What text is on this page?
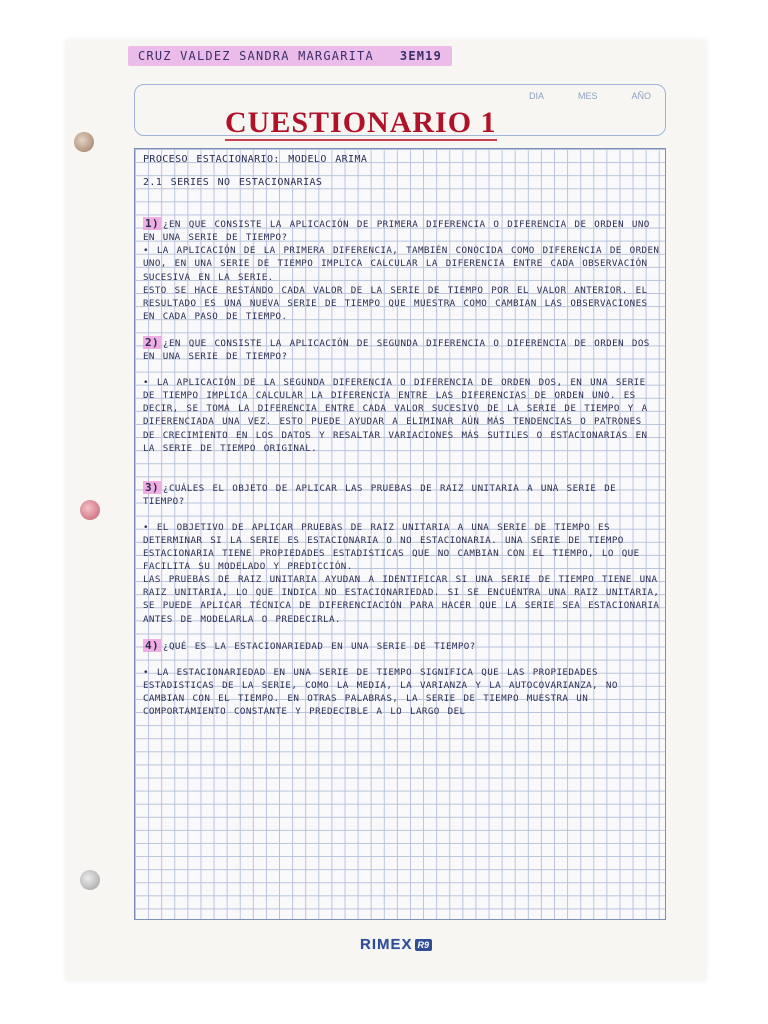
CRUZ VALDEZ SANDRA MARGARITA 3EM19
DIA	MES	AÑO
CUESTIONARIO 1

PROCESO ESTACIONARIO: MODELO ARIMA

2.1 SERIES NO ESTACIONARIAS

1) ¿EN QUE CONSISTE LA APLICACIÓN DE PRIMERA DIFERENCIA O DIFERENCIA DE ORDEN UNO EN UNA SERIE DE TIEMPO?

• LA APLICACIÓN DE LA PRIMERA DIFERENCIA, TAMBIÉN CONOCIDA COMO DIFERENCIA DE ORDEN UNO, EN UNA SERIE DE TIEMPO IMPLICA CALCULAR LA DIFERENCIA ENTRE CADA OBSERVACIÓN SUCESIVA EN LA SERIE.

ESTO SE HACE RESTANDO CADA VALOR DE LA SERIE DE TIEMPO POR EL VALOR ANTERIOR. EL RESULTADO ES UNA NUEVA SERIE DE TIEMPO QUE MUESTRA COMO CAMBIAN LAS OBSERVACIONES EN CADA PASO DE TIEMPO.

2) ¿EN QUE CONSISTE LA APLICACIÓN DE SEGUNDA DIFERENCIA O DIFERENCIA DE ORDEN DOS EN UNA SERIE DE TIEMPO?

• LA APLICACIÓN DE LA SEGUNDA DIFERENCIA O DIFERENCIA DE ORDEN DOS, EN UNA SERIE DE TIEMPO IMPLICA CALCULAR LA DIFERENCIA ENTRE LAS DIFERENCIAS DE ORDEN UNO. ES DECIR, SE TOMA LA DIFERENCIA ENTRE CADA VALOR SUCESIVO DE LA SERIE DE TIEMPO Y A DIFERENCIADA UNA VEZ. ESTO PUEDE AYUDAR A ELIMINAR AÚN MÁS TENDENCIAS O PATRONES DE CRECIMIENTO EN LOS DATOS Y RESALTAR VARIACIONES MÁS SUTILES O ESTACIONARIAS EN LA SERIE DE TIEMPO ORIGINAL.

3) ¿CUÁLES EL OBJETO DE APLICAR LAS PRUEBAS DE RAIZ UNITARIA A UNA SERIE DE TIEMPO?

• EL OBJETIVO DE APLICAR PRUEBAS DE RAIZ UNITARIA A UNA SERIE DE TIEMPO ES DETERMINAR SI LA SERIE ES ESTACIONARIA O NO ESTACIONARIA. UNA SERIE DE TIEMPO ESTACIONARIA TIENE PROPIEDADES ESTADISTICAS QUE NO CAMBIAN CON EL TIEMPO, LO QUE FACILITA SU MODELADO Y PREDICCIÓN.

LAS PRUEBAS DE RAIZ UNITARIA AYUDAN A IDENTIFICAR SI UNA SERIE DE TIEMPO TIENE UNA RAIZ UNITARIA, LO QUE INDICA NO ESTACIONARIEDAD. SI SE ENCUENTRA UNA RAIZ UNITARIA, SE PUEDE APLICAR TÉCNICA DE DIFERENCIACIÓN PARA HACER QUE LA SERIE SEA ESTACIONARIA ANTES DE MODELARLA O PREDECIRLA.

4) ¿QUÉ ES LA ESTACIONARIEDAD EN UNA SERIE DE TIEMPO?

• LA ESTACIONARIEDAD EN UNA SERIE DE TIEMPO SIGNIFICA QUE LAS PROPIEDADES ESTADISTICAS DE LA SERIE, COMO LA MEDIA, LA VARIANZA Y LA AUTOCOVARIANZA, NO CAMBIAN CON EL TIEMPO. EN OTRAS PALABRAS, LA SERIE DE TIEMPO MUESTRA UN COMPORTAMIENTO CONSTANTE Y PREDECIBLE A LO LARGO DEL

RIMEX R9
